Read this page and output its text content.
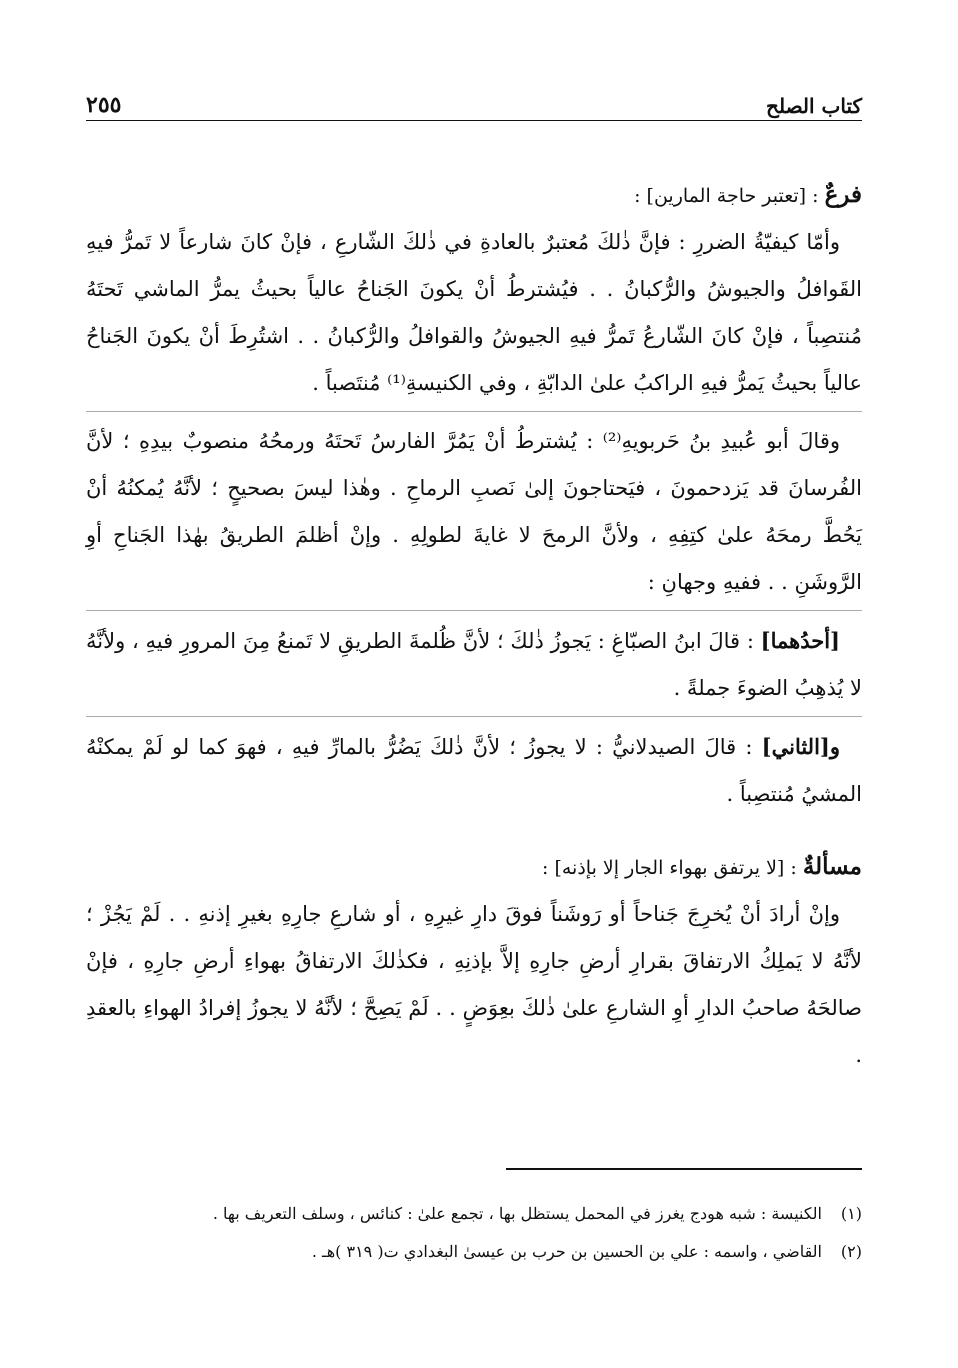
كتاب الصلح
٢٥٥
فرعٌ : [تعتبر حاجة المارين] :

وأمّا كيفيّةُ الضررِ : فإنَّ ذٰلكَ مُعتبرٌ بالعادةِ في ذٰلكَ الشّارعِ ، فإنْ كانَ شارعاً لا تَمرُّ فيهِ القَوافلُ والجيوشُ والرُّكبانُ . . فيُشترطُ أنْ يكونَ الجَناحُ عالياً بحيثُ يمرُّ الماشي تَحتَهُ مُنتصِباً ، فإنْ كانَ الشّارعُ تَمرُّ فيهِ الجيوشُ والقوافلُ والرُّكبانُ . . اشتُرِطَ أنْ يكونَ الجَناحُ عالياً بحيثُ يَمرُّ فيهِ الراكبُ علىٰ الدابّةِ ، وفي الكنيسةِ⁽¹⁾ مُنتَصباً .

وقالَ أبو عُبيدِ بنُ حَربويهِ⁽²⁾ : يُشترطُ أنْ يَمُرَّ الفارسُ تَحتَهُ ورمحُهُ منصوبٌ بيدِهِ ؛ لأنَّ الفُرسانَ قد يَزدحمونَ ، فيَحتاجونَ إلىٰ نَصبِ الرماحِ . وهٰذا ليسَ بصحيحٍ ؛ لأنَّهُ يُمكنُهُ أنْ يَحُطَّ رمحَهُ علىٰ كتِفِهِ ، ولأنَّ الرمحَ لا غايةَ لطولِهِ . وإنْ أظلمَ الطريقُ بهٰذا الجَناحِ أوِ الرَّوشَنِ . . ففيهِ وجهانِ :

[أحدُهما] : قالَ ابنُ الصبّاغِ : يَجوزُ ذٰلكَ ؛ لأنَّ ظُلمةَ الطريقِ لا تَمنعُ مِنَ المرورِ فيهِ ، ولأنَّهُ لا يُذهِبُ الضوءَ جملةً .

و[الثاني] : قالَ الصيدلانيُّ : لا يجوزُ ؛ لأنَّ ذٰلكَ يَضُرُّ بالمارِّ فيهِ ، فهوَ كما لو لَمْ يمكنْهُ المشيُ مُنتصِباً .

مسألةٌ : [لا يرتفق بهواء الجار إلا بإذنه] :

وإنْ أرادَ أنْ يُخرِجَ جَناحاً أو رَوشَناً فوقَ دارِ غيرِهِ ، أو شارعِ جارِهِ بغيرِ إذنهِ . . لَمْ يَجُزْ ؛ لأنَّهُ لا يَملِكُ الارتفاقَ بقرارِ أرضِ جارِهِ إلاَّ بإذنِهِ ، فكذٰلكَ الارتفاقُ بهواءِ أرضِ جارِهِ ، فإنْ صالحَهُ صاحبُ الدارِ أوِ الشارعِ علىٰ ذٰلكَ بعِوَضٍ . . لَمْ يَصِحَّ ؛ لأنَّهُ لا يجوزُ إفرادُ الهواءِ بالعقدِ .

(١)
الكنيسة : شبه هودج يغرز في المحمل يستظل بها ، تجمع علىٰ : كنائس ، وسلف التعريف بها .
(٢)
القاضي ، واسمه : علي بن الحسين بن حرب بن عيسىٰ البغدادي ت( ٣١٩ )هـ .
